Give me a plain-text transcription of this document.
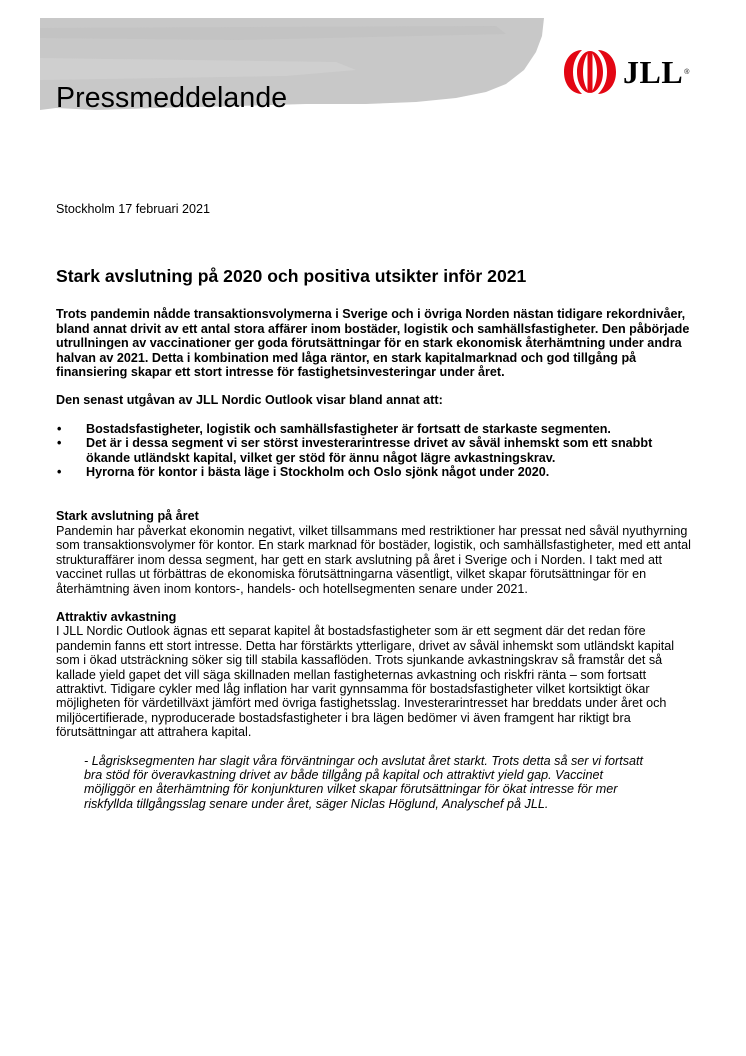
Pressmeddelande
JLL ®

Stockholm 17 februari 2021

Stark avslutning på 2020 och positiva utsikter inför 2021

Trots pandemin nådde transaktionsvolymerna i Sverige och i övriga Norden nästan tidigare rekordnivåer, bland annat drivit av ett antal stora affärer inom bostäder, logistik och samhällsfastigheter. Den påbörjade utrullningen av vaccinationer ger goda förutsättningar för en stark ekonomisk återhämtning under andra halvan av 2021. Detta i kombination med låga räntor, en stark kapitalmarknad och god tillgång på finansiering skapar ett stort intresse för fastighetsinvesteringar under året.

Den senast utgåvan av JLL Nordic Outlook visar bland annat att:

• Bostadsfastigheter, logistik och samhällsfastigheter är fortsatt de starkaste segmenten.
• Det är i dessa segment vi ser störst investerarintresse drivet av såväl inhemskt som ett snabbt ökande utländskt kapital, vilket ger stöd för ännu något lägre avkastningskrav.
• Hyrorna för kontor i bästa läge i Stockholm och Oslo sjönk något under 2020.

Stark avslutning på året

Pandemin har påverkat ekonomin negativt, vilket tillsammans med restriktioner har pressat ned såväl nyuthyrning som transaktionsvolymer för kontor. En stark marknad för bostäder, logistik, och samhällsfastigheter, med ett antal strukturaffärer inom dessa segment, har gett en stark avslutning på året i Sverige och i Norden. I takt med att vaccinet rullas ut förbättras de ekonomiska förutsättningarna väsentligt, vilket skapar förutsättningar för en återhämtning även inom kontors-, handels- och hotellsegmenten senare under 2021.

Attraktiv avkastning

I JLL Nordic Outlook ägnas ett separat kapitel åt bostadsfastigheter som är ett segment där det redan före pandemin fanns ett stort intresse. Detta har förstärkts ytterligare, drivet av såväl inhemskt som utländskt kapital som i ökad utsträckning söker sig till stabila kassaflöden. Trots sjunkande avkastningskrav så framstår det så kallade yield gapet det vill säga skillnaden mellan fastigheternas avkastning och riskfri ränta – som fortsatt attraktivt. Tidigare cykler med låg inflation har varit gynnsamma för bostadsfastigheter vilket kortsiktigt ökar möjligheten för värdetillväxt jämfört med övriga fastighetsslag. Investerarintresset har breddats under året och miljöcertifierade, nyproducerade bostadsfastigheter i bra lägen bedömer vi även framgent har riktigt bra förutsättningar att attrahera kapital.

- Lågrisksegmenten har slagit våra förväntningar och avslutat året starkt. Trots detta så ser vi fortsatt bra stöd för överavkastning drivet av både tillgång på kapital och attraktivt yield gap. Vaccinet möjliggör en återhämtning för konjunkturen vilket skapar förutsättningar för ökat intresse för mer riskfyllda tillgångsslag senare under året, säger Niclas Höglund, Analyschef på JLL.
